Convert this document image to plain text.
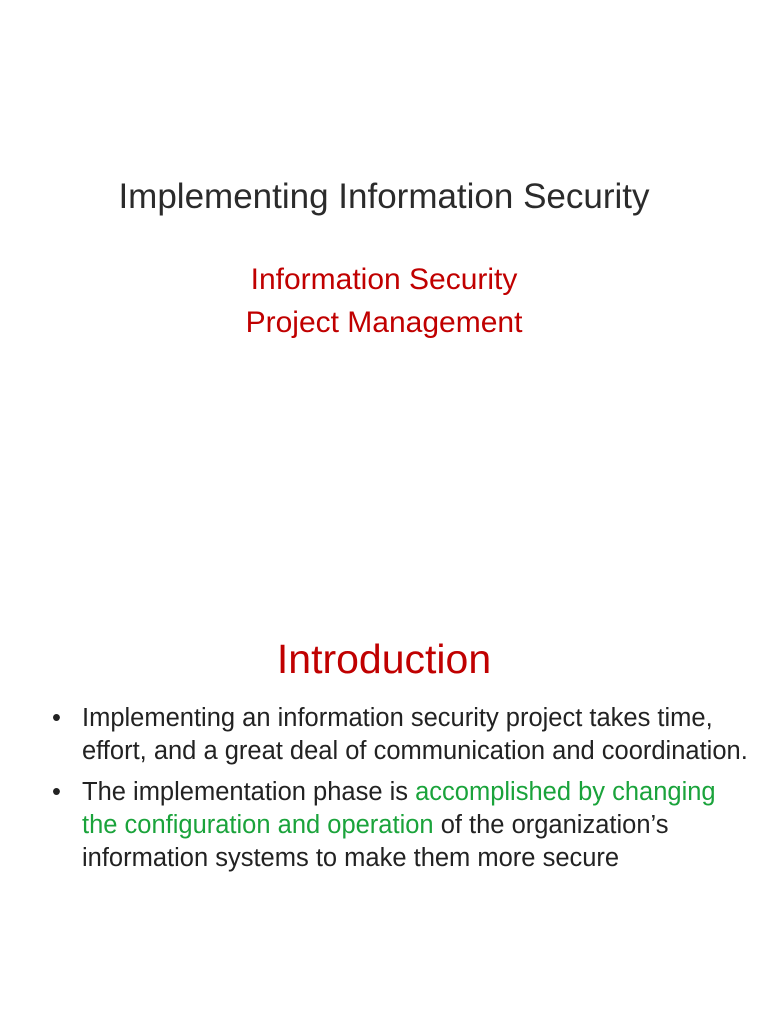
Implementing Information Security
Information Security
Project Management
Introduction
• Implementing an information security project takes time, effort, and a great deal of communication and coordination.
• The implementation phase is accomplished by changing the configuration and operation of the organization’s information systems to make them more secure
